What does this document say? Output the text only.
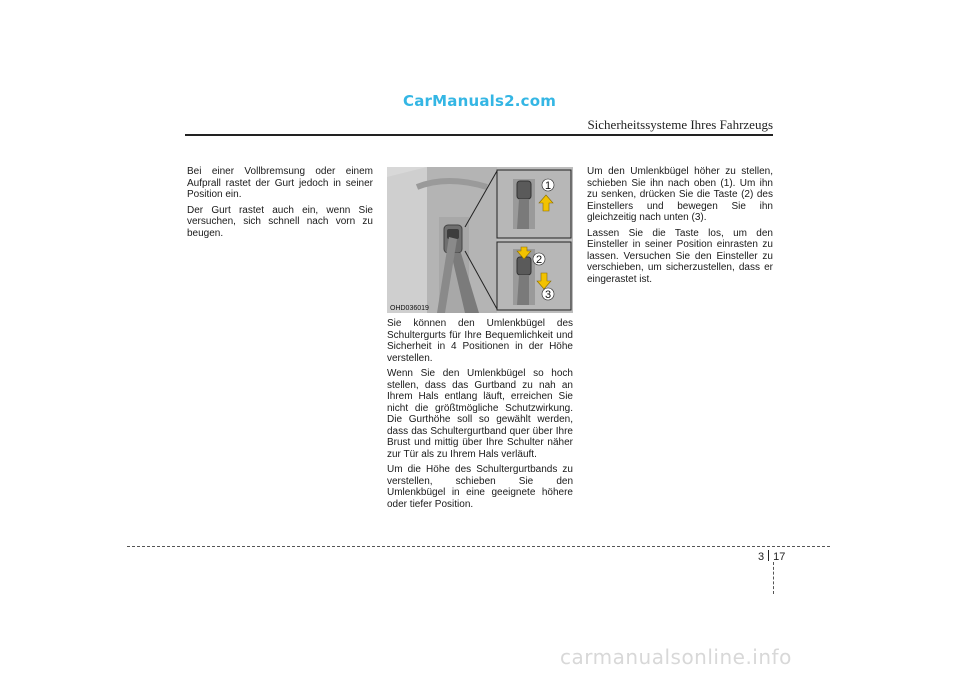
CarManuals2.com
Sicherheitssysteme Ihres Fahrzeugs

Bei einer Vollbremsung oder einem Aufprall rastet der Gurt jedoch in seiner Position ein.

Der Gurt rastet auch ein, wenn Sie versuchen, sich schnell nach vorn zu beugen.

1
2
3
OHD036019

Sie können den Umlenkbügel des Schultergurts für Ihre Bequemlichkeit und Sicherheit in 4 Positionen in der Höhe verstellen.

Wenn Sie den Umlenkbügel so hoch stellen, dass das Gurtband zu nah an Ihrem Hals entlang läuft, erreichen Sie nicht die größtmögliche Schutzwirkung. Die Gurthöhe soll so gewählt werden, dass das Schultergurtband quer über Ihre Brust und mittig über Ihre Schulter näher zur Tür als zu Ihrem Hals verläuft.

Um die Höhe des Schultergurtbands zu verstellen, schieben Sie den Umlenkbügel in eine geeignete höhere oder tiefer Position.

Um den Umlenkbügel höher zu stellen, schieben Sie ihn nach oben (1). Um ihn zu senken, drücken Sie die Taste (2) des Einstellers und bewegen Sie ihn gleichzeitig nach unten (3).

Lassen Sie die Taste los, um den Einsteller in seiner Position einrasten zu lassen. Versuchen Sie den Einsteller zu verschieben, um sicherzustellen, dass er eingerastet ist.

3 17
carmanualsonline.info
